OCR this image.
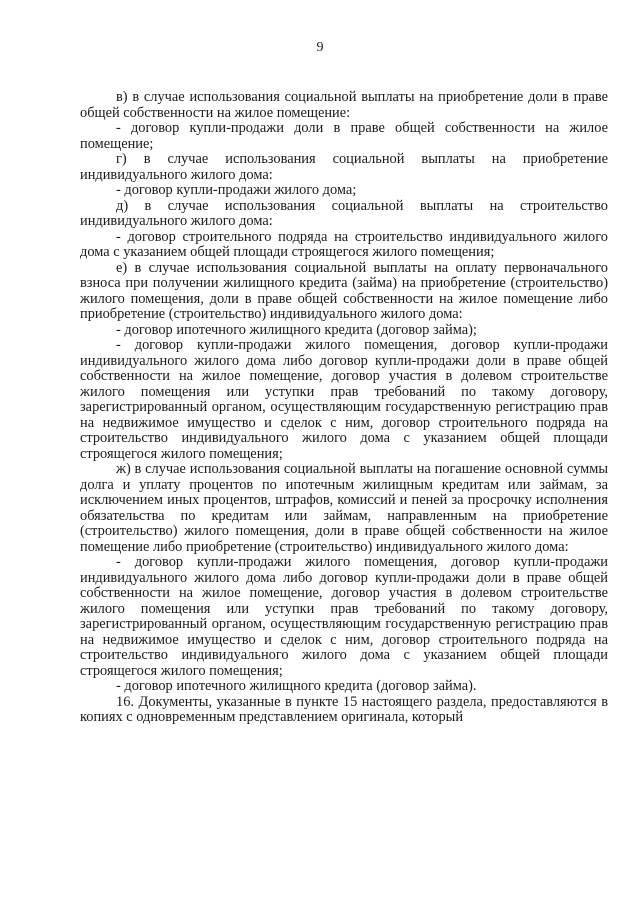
9

в) в случае использования социальной выплаты на приобретение доли в праве общей собственности на жилое помещение:

- договор купли-продажи доли в праве общей собственности на жилое помещение;

г) в случае использования социальной выплаты на приобретение индивидуального жилого дома:

- договор купли-продажи жилого дома;

д) в случае использования социальной выплаты на строительство индивидуального жилого дома:

- договор строительного подряда на строительство индивидуального жилого дома с указанием общей площади строящегося жилого помещения;

е) в случае использования социальной выплаты на оплату первоначального взноса при получении жилищного кредита (займа) на приобретение (строительство) жилого помещения, доли в праве общей собственности на жилое помещение либо приобретение (строительство) индивидуального жилого дома:

- договор ипотечного жилищного кредита (договор займа);

- договор купли-продажи жилого помещения, договор купли-продажи индивидуального жилого дома либо договор купли-продажи доли в праве общей собственности на жилое помещение, договор участия в долевом строительстве жилого помещения или уступки прав требований по такому договору, зарегистрированный органом, осуществляющим государственную регистрацию прав на недвижимое имущество и сделок с ним, договор строительного подряда на строительство индивидуального жилого дома с указанием общей площади строящегося жилого помещения;

ж) в случае использования социальной выплаты на погашение основной суммы долга и уплату процентов по ипотечным жилищным кредитам или займам, за исключением иных процентов, штрафов, комиссий и пеней за просрочку исполнения обязательства по кредитам или займам, направленным на приобретение (строительство) жилого помещения, доли в праве общей собственности на жилое помещение либо приобретение (строительство) индивидуального жилого дома:

- договор купли-продажи жилого помещения, договор купли-продажи индивидуального жилого дома либо договор купли-продажи доли в праве общей собственности на жилое помещение, договор участия в долевом строительстве жилого помещения или уступки прав требований по такому договору, зарегистрированный органом, осуществляющим государственную регистрацию прав на недвижимое имущество и сделок с ним, договор строительного подряда на строительство индивидуального жилого дома с указанием общей площади строящегося жилого помещения;

- договор ипотечного жилищного кредита (договор займа).

16. Документы, указанные в пункте 15 настоящего раздела, предоставляются в копиях с одновременным представлением оригинала, который
